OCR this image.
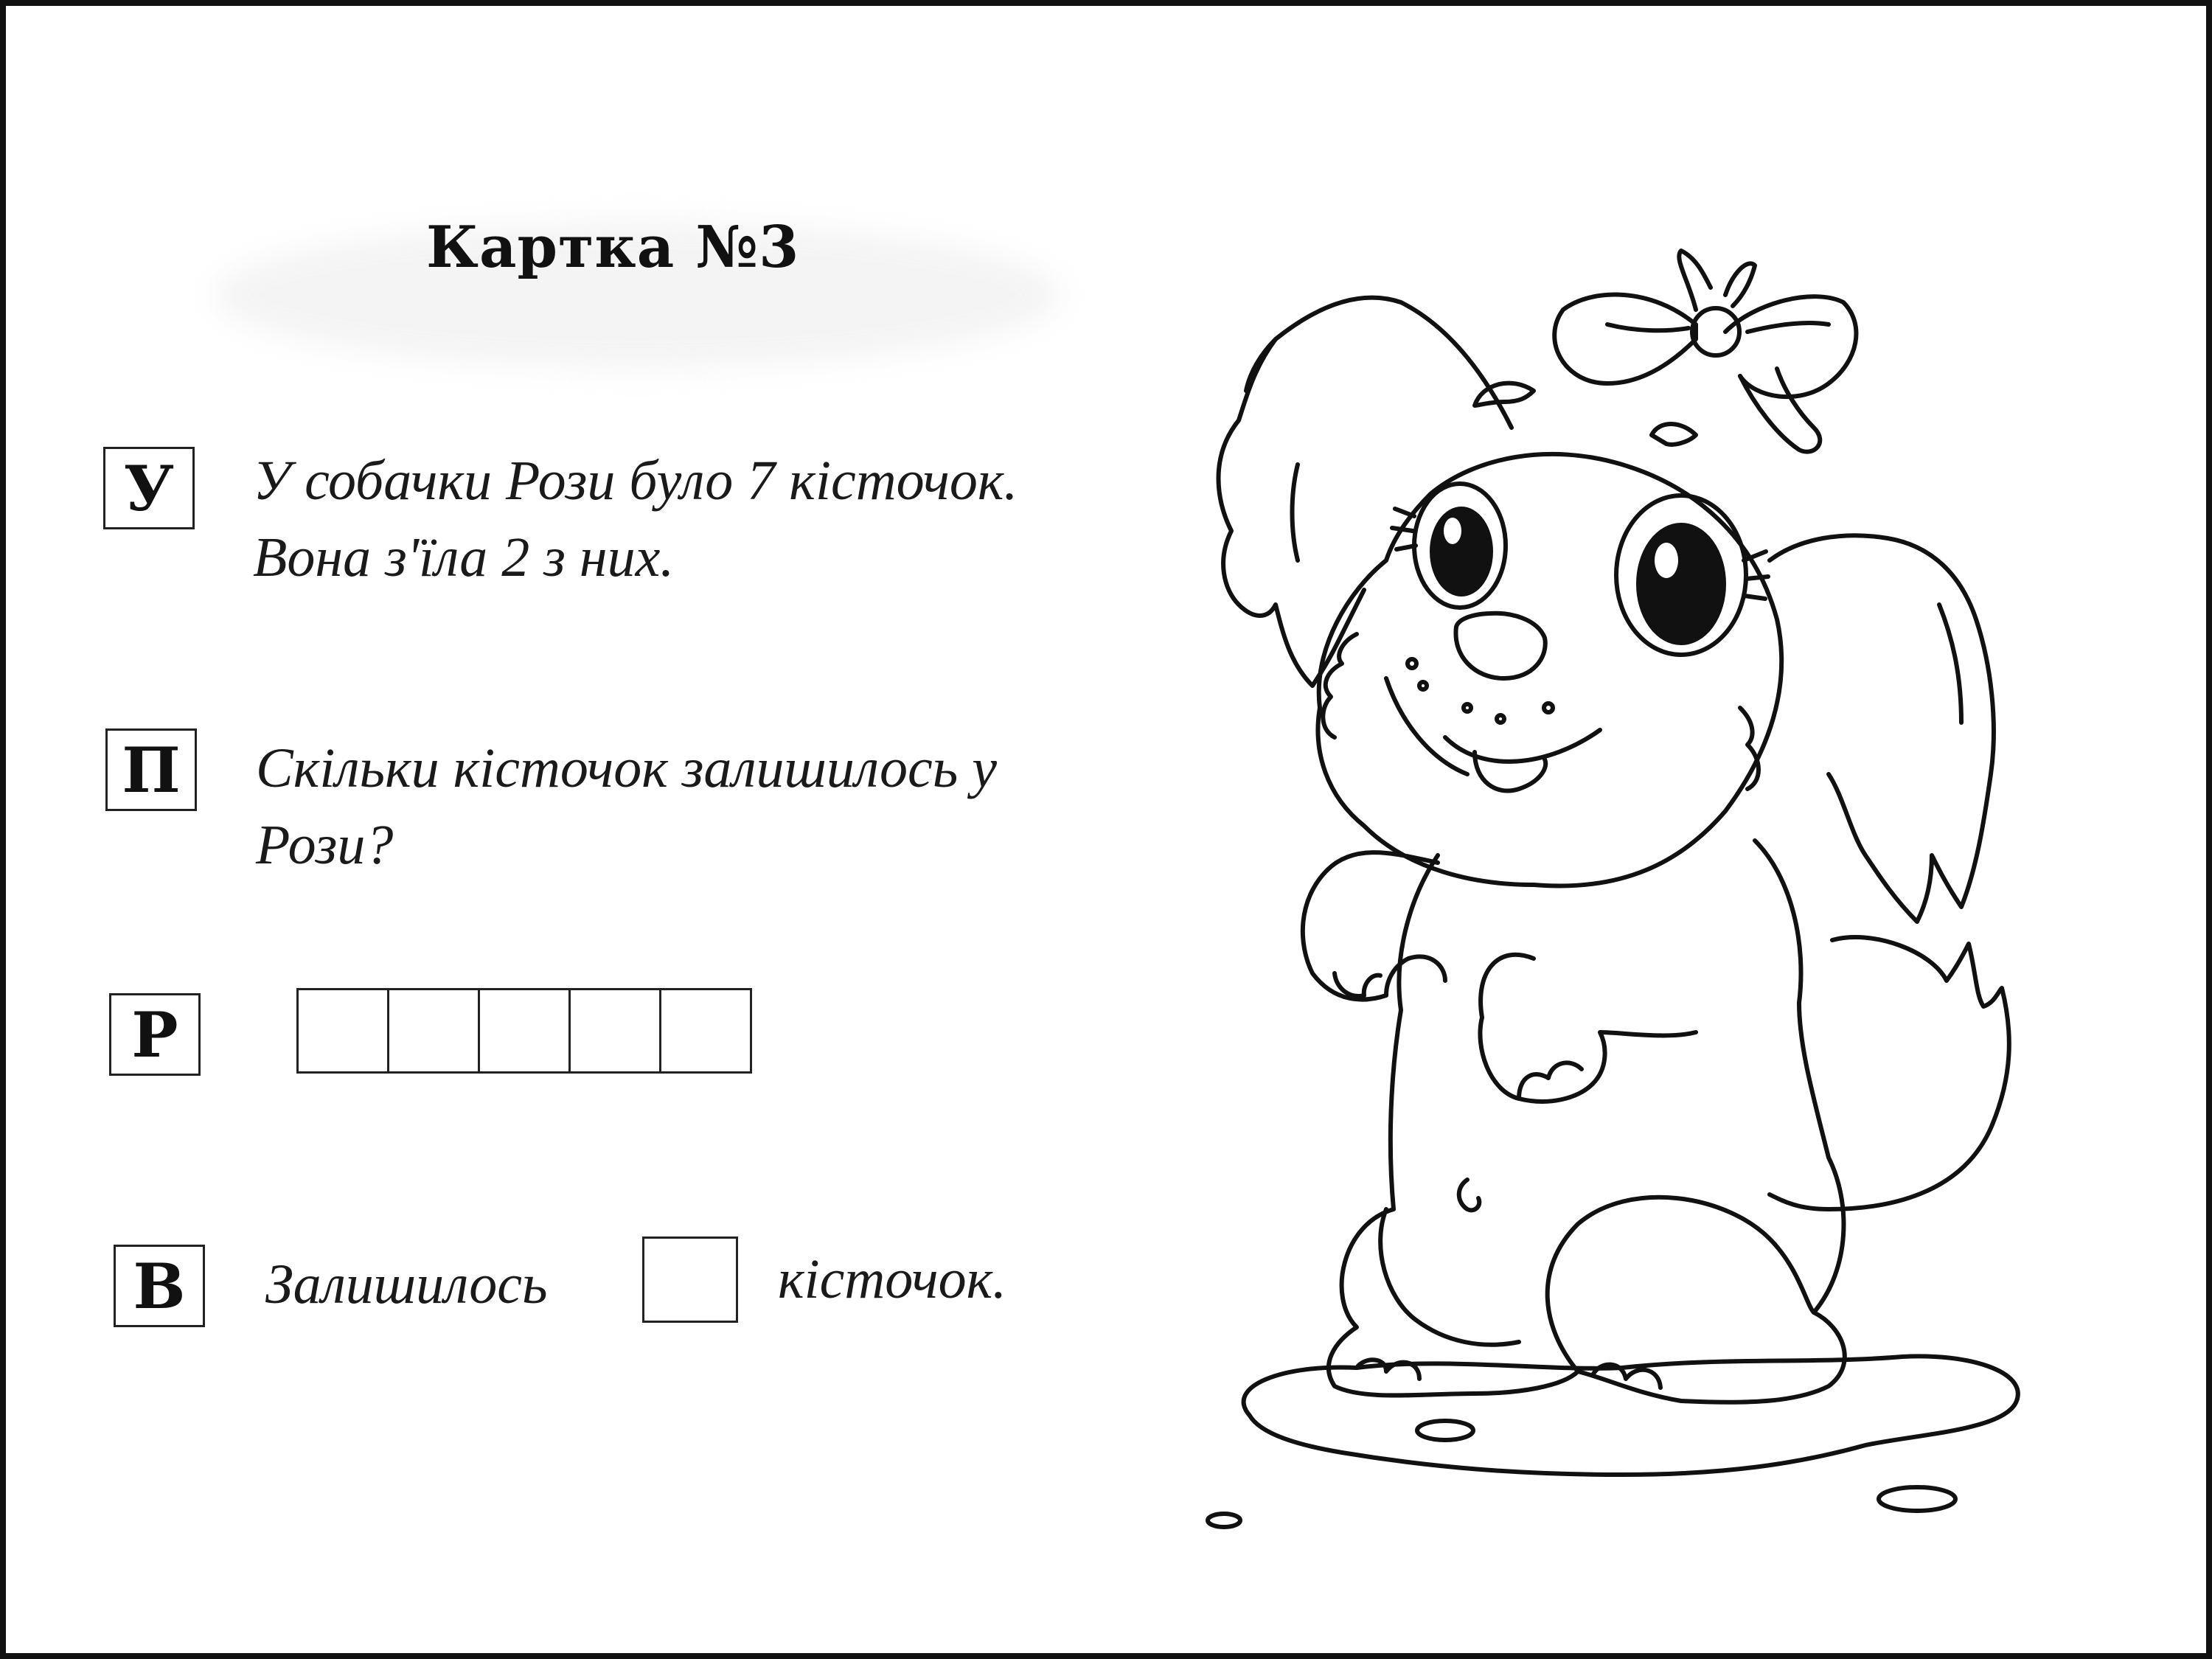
Картка №3
У	У собачки Рози було 7 кісточок.
Вона з'їла 2 з них.
П Скільки кісточок залишилось у
Рози?
Р
В	Залишилось	кісточок.
